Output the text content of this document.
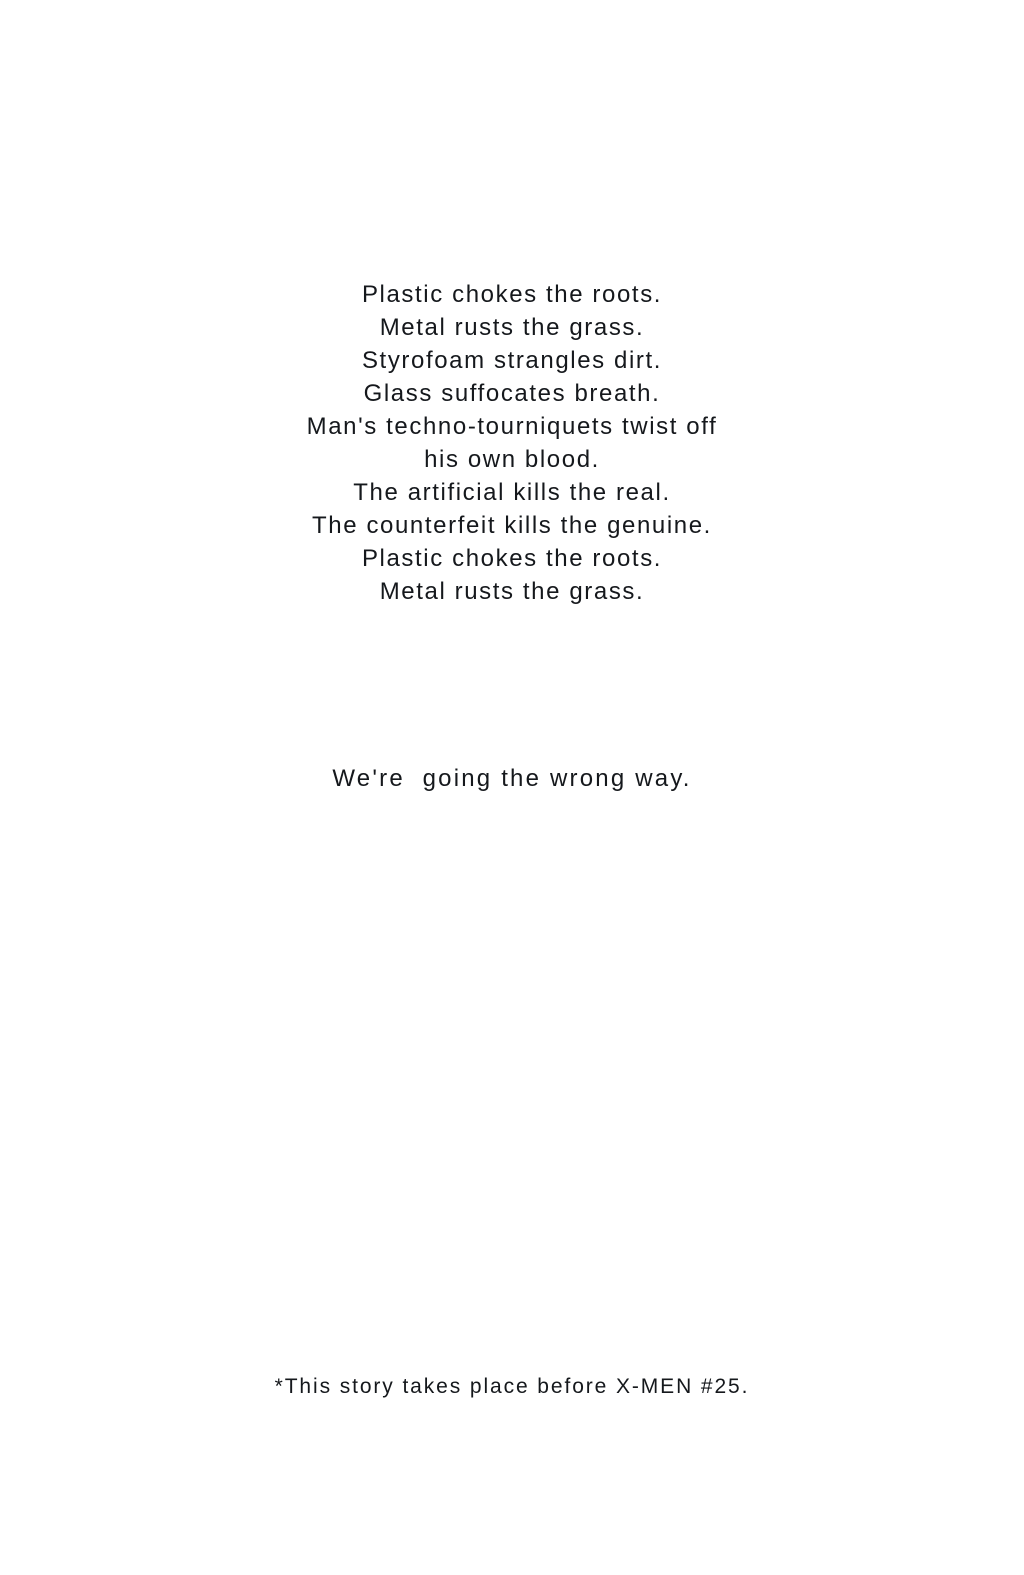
Plastic chokes the roots.
Metal rusts the grass.
Styrofoam strangles dirt.
Glass suffocates breath.
Man's techno-tourniquets twist off
his own blood.
The artificial kills the real.
The counterfeit kills the genuine.
Plastic chokes the roots.
Metal rusts the grass.
We're  going the wrong way.
*This story takes place before X-MEN #25.
